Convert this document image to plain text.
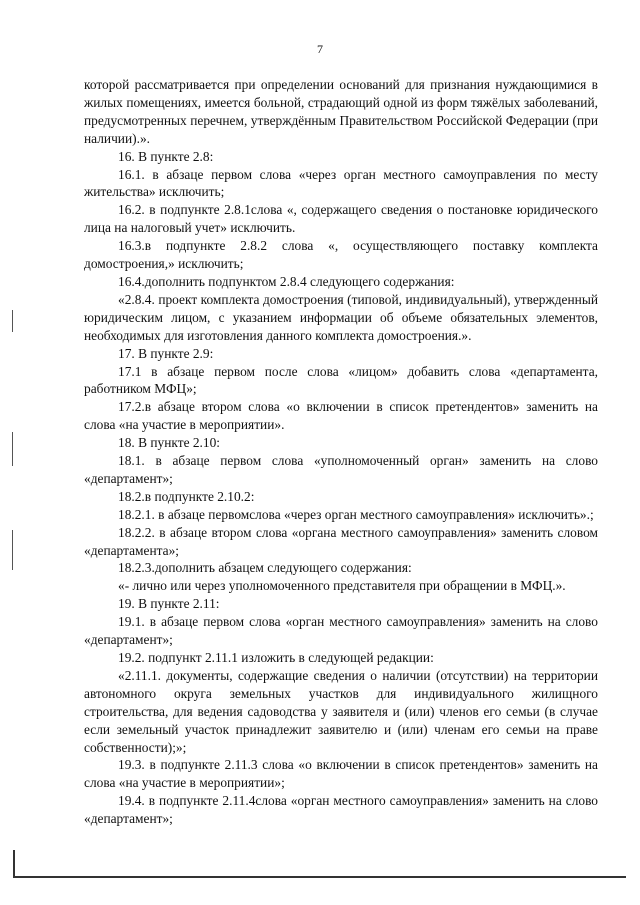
7

которой рассматривается при определении оснований для признания нуждающимися в жилых помещениях, имеется больной, страдающий одной из форм тяжёлых заболеваний, предусмотренных перечнем, утверждённым Правительством Российской Федерации (при наличии).».

16. В пункте 2.8:

16.1. в абзаце первом слова «через орган местного самоуправления по месту жительства» исключить;

16.2. в подпункте 2.8.1слова «, содержащего сведения о постановке юридического лица на налоговый учет» исключить.

16.3.в подпункте 2.8.2 слова «, осуществляющего поставку комплекта домостроения,» исключить;

16.4.дополнить подпунктом 2.8.4 следующего содержания:

«2.8.4. проект комплекта домостроения (типовой, индивидуальный), утвержденный юридическим лицом, с указанием информации об объеме обязательных элементов, необходимых для изготовления данного комплекта домостроения.».

17. В пункте 2.9:

17.1 в абзаце первом после слова «лицом» добавить слова «департамента, работником МФЦ»;

17.2.в абзаце втором слова «о включении в список претендентов» заменить на слова «на участие в мероприятии».

18. В пункте 2.10:

18.1. в абзаце первом слова «уполномоченный орган» заменить на слово «департамент»;

18.2.в подпункте 2.10.2:

18.2.1. в абзаце первомслова «через орган местного самоуправления» исключить».;

18.2.2. в абзаце втором слова «органа местного самоуправления» заменить словом «департамента»;

18.2.3.дополнить абзацем следующего содержания:

«- лично или через уполномоченного представителя при обращении в МФЦ.».

19. В пункте 2.11:

19.1. в абзаце первом слова «орган местного самоуправления» заменить на слово «департамент»;

19.2. подпункт 2.11.1 изложить в следующей редакции:

«2.11.1. документы, содержащие сведения о наличии (отсутствии) на территории автономного округа земельных участков для индивидуального жилищного строительства, для ведения садоводства у заявителя и (или) членов его семьи (в случае если земельный участок принадлежит заявителю и (или) членам его семьи на праве собственности);»;

19.3. в подпункте 2.11.3 слова «о включении в список претендентов» заменить на слова «на участие в мероприятии»;

19.4. в подпункте 2.11.4слова «орган местного самоуправления» заменить на слово «департамент»;
